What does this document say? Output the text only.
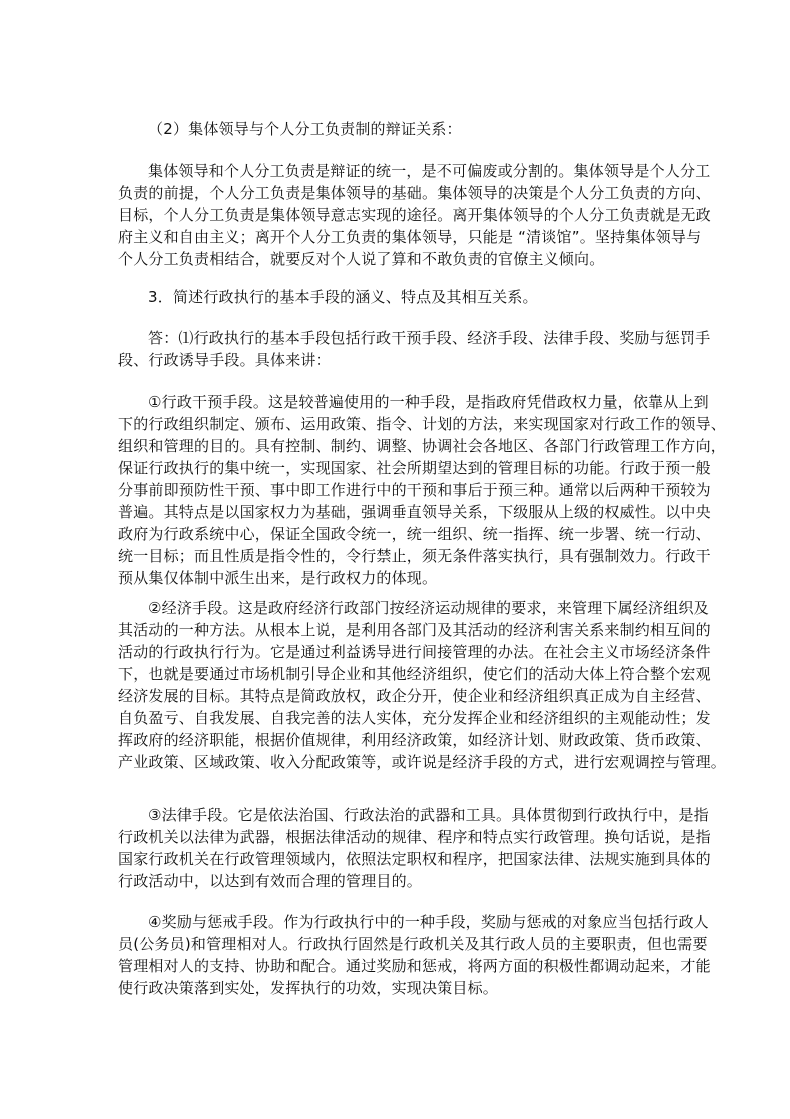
（2）集体领导与个人分工负责制的辩证关系：
集体领导和个人分工负责是辩证的统一，是不可偏废或分割的。集体领导是个人分工
负责的前提，个人分工负责是集体领导的基础。集体领导的决策是个人分工负责的方向、
目标，个人分工负责是集体领导意志实现的途径。离开集体领导的个人分工负责就是无政
府主义和自由主义；离开个人分工负责的集体领导，只能是 “清谈馆”。坚持集体领导与
个人分工负责相结合，就要反对个人说了算和不敢负责的官僚主义倾向。
3．简述行政执行的基本手段的涵义、特点及其相互关系。
答：⑴行政执行的基本手段包括行政干预手段、经济手段、法律手段、奖励与惩罚手
段、行政诱导手段。具体来讲：
①行政干预手段。这是较普遍使用的一种手段，是指政府凭借政权力量，依靠从上到
下的行政组织制定、颁布、运用政策、指令、计划的方法，来实现国家对行政工作的领导、
组织和管理的目的。具有控制、制约、调整、协调社会各地区、各部门行政管理工作方向，
保证行政执行的集中统一，实现国家、社会所期望达到的管理目标的功能。行政于预一般
分事前即预防性干预、事中即工作进行中的干预和事后于预三种。通常以后两种干预较为
普遍。其特点是以国家权力为基础，强调垂直领导关系，下级服从上级的权威性。以中央
政府为行政系统中心，保证全国政令统一，统一组织、统一指挥、统一步署、统一行动、
统一目标；而且性质是指令性的，令行禁止，须无条件落实执行，具有强制效力。行政干
预从集仅体制中派生出来，是行政权力的体现。
②经济手段。这是政府经济行政部门按经济运动规律的要求，来管理下属经济组织及
其活动的一种方法。从根本上说，是利用各部门及其活动的经济利害关系来制约相互间的
活动的行政执行行为。它是通过利益诱导进行间接管理的办法。在社会主义市场经济条件
下，也就是要通过市场机制引导企业和其他经济组织，使它们的活动大体上符合整个宏观
经济发展的目标。其特点是简政放权，政企分开，使企业和经济组织真正成为自主经营、
自负盈亏、自我发展、自我完善的法人实体，充分发挥企业和经济组织的主观能动性；发
挥政府的经济职能，根据价值规律，利用经济政策，如经济计划、财政政策、货币政策、
产业政策、区域政策、收入分配政策等，或许说是经济手段的方式，进行宏观调控与管理。
③法律手段。它是依法治国、行政法治的武器和工具。具体贯彻到行政执行中，是指
行政机关以法律为武器，根据法律活动的规律、程序和特点实行政管理。换句话说，是指
国家行政机关在行政管理领域内，依照法定职权和程序，把国家法律、法规实施到具体的
行政活动中，以达到有效而合理的管理目的。
④奖励与惩戒手段。作为行政执行中的一种手段，奖励与惩戒的对象应当包括行政人
员(公务员)和管理相对人。行政执行固然是行政机关及其行政人员的主要职责，但也需要
管理相对人的支持、协助和配合。通过奖励和惩戒，将两方面的积极性都调动起来，才能
使行政决策落到实处，发挥执行的功效，实现决策目标。
